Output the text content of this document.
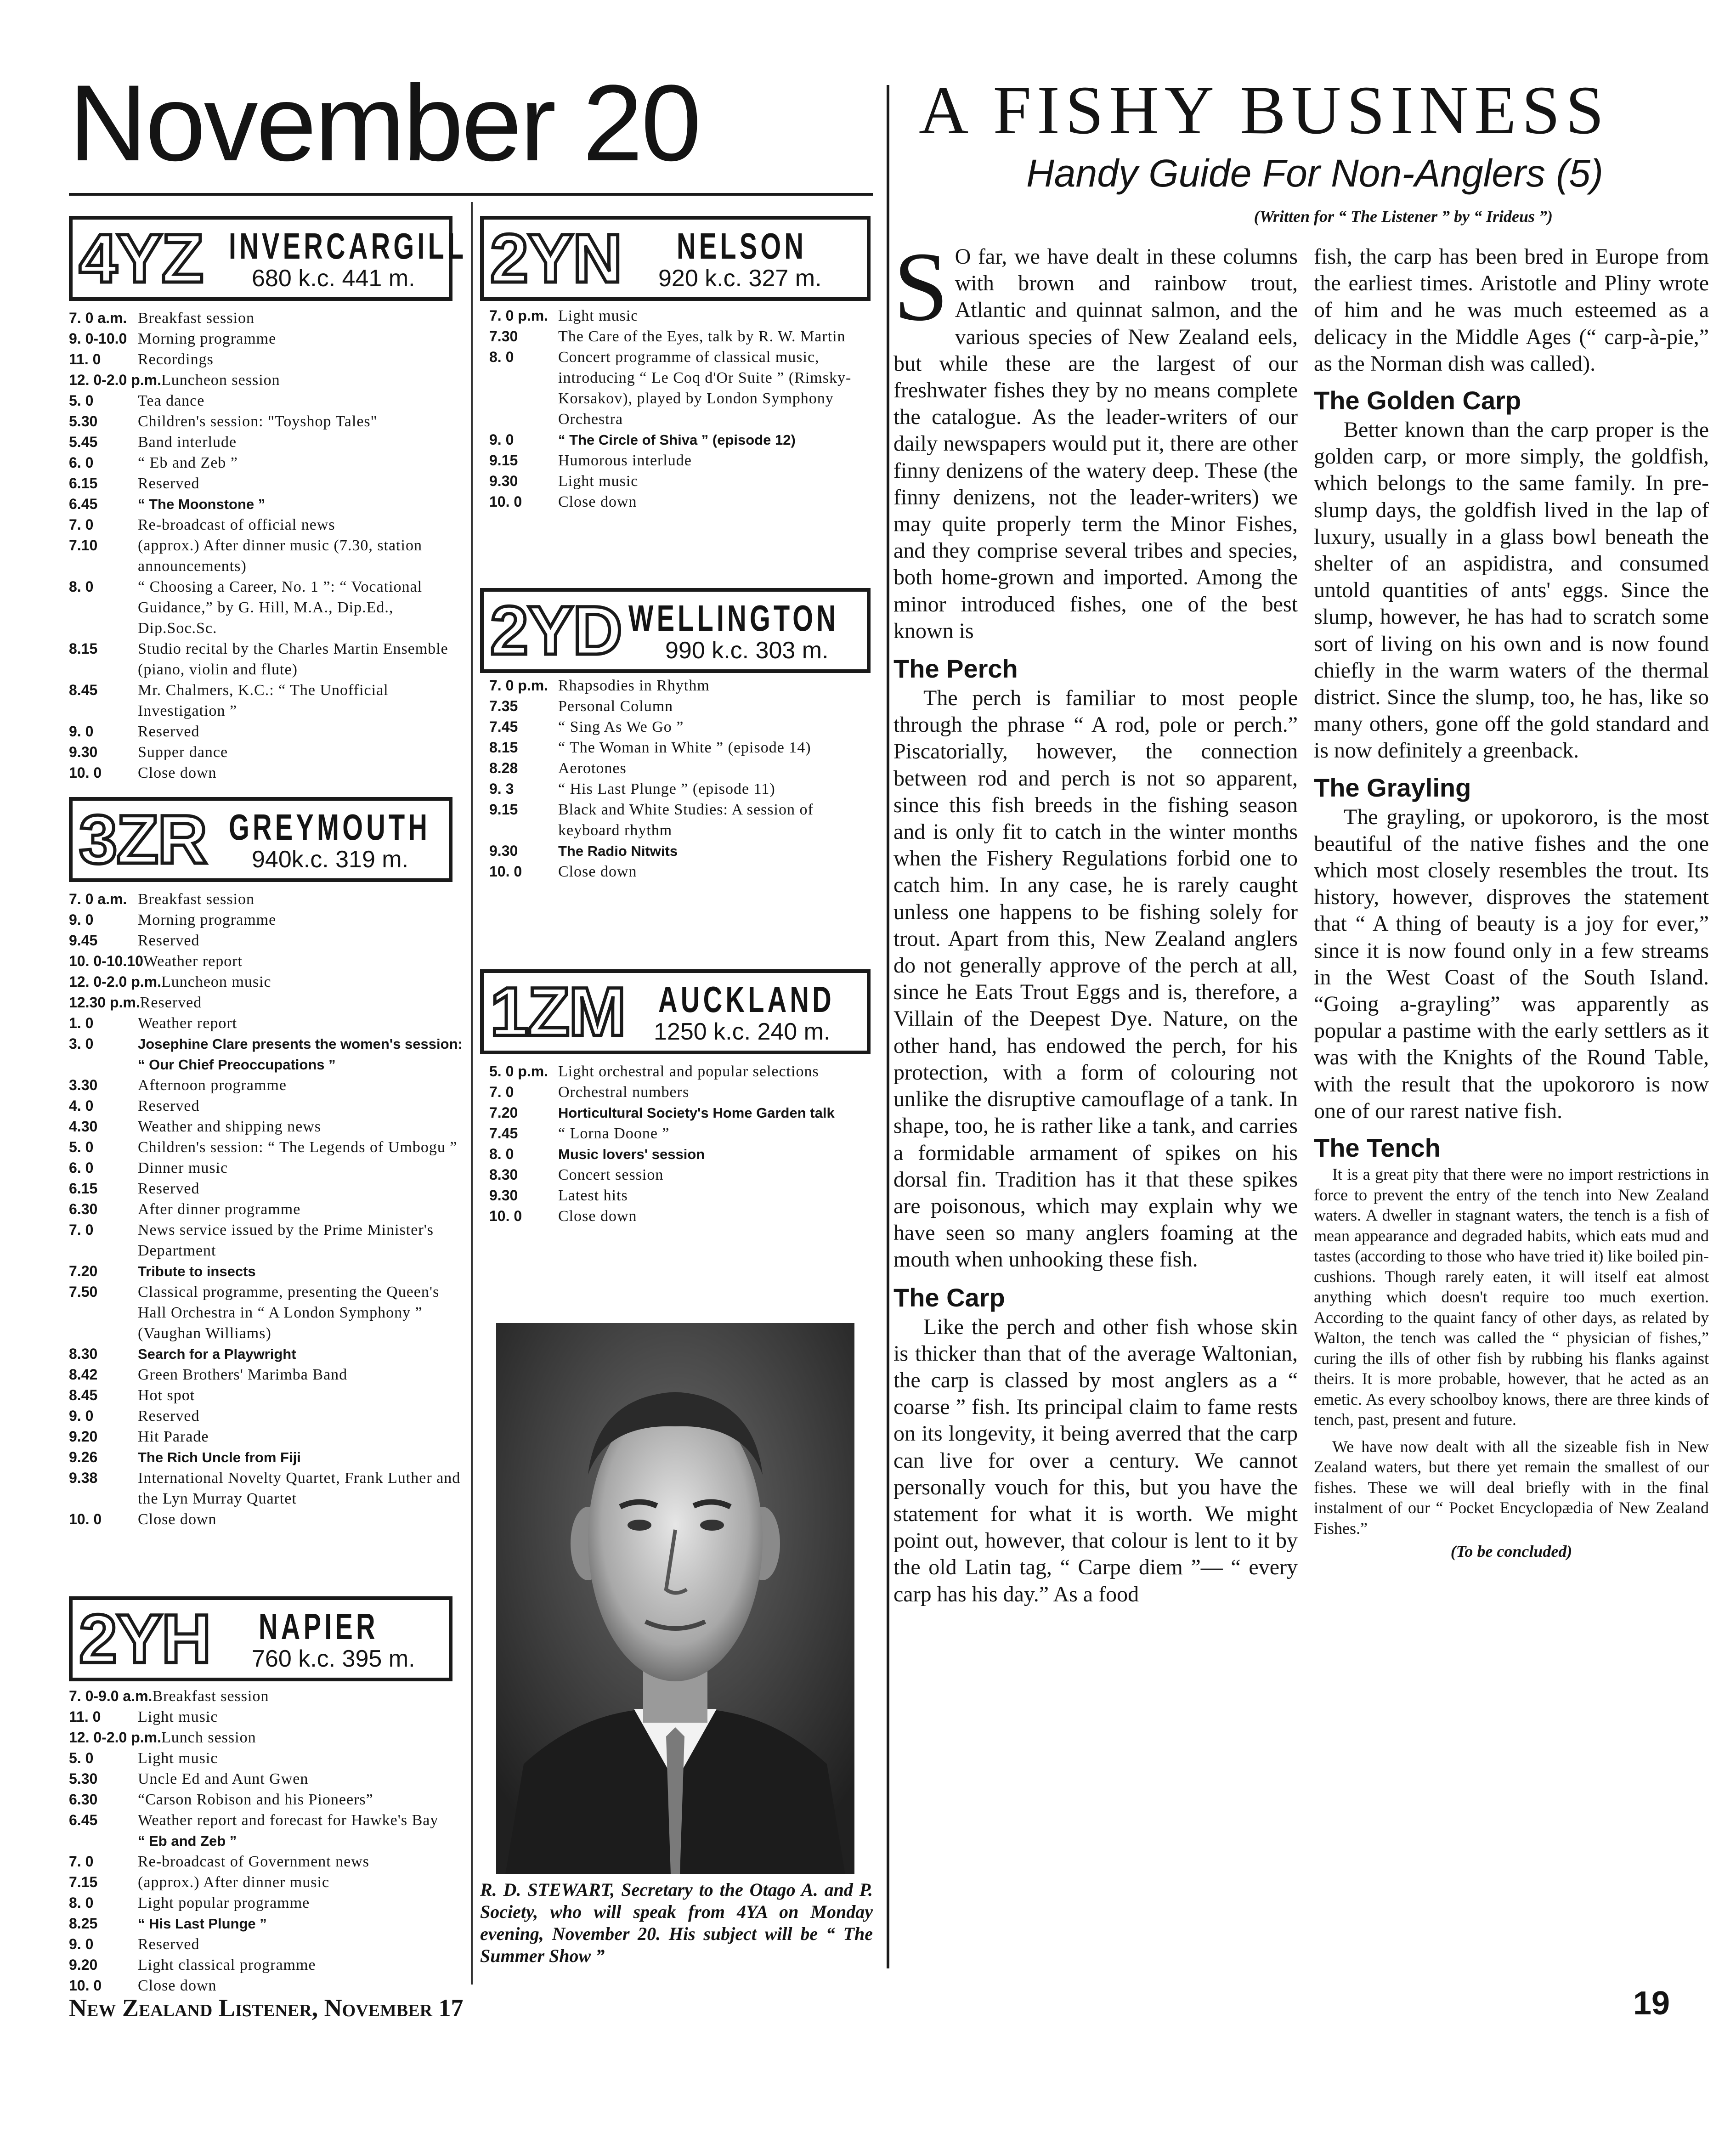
November 20
4YZ INVERCARGILL
680 k.c. 441 m.
7. 0 a.m. Breakfast session
9. 0-10.0 Morning programme
11. 0	Recordings
12. 0-2.0 p.m. Luncheon session
5. 0	Tea dance
5.30	Children's session: "Toyshop Tales"
5.45	Band interlude
6. 0	“ Eb and Zeb ”
6.15	Reserved
6.45	“ The Moonstone ”
7. 0	Re-broadcast of official news
7.10	(approx.) After dinner music (7.30, station announcements)
8. 0	“ Choosing a Career, No. 1 ”: “ Vocational Guidance,” by G. Hill, M.A., Dip.Ed., Dip.Soc.Sc.
8.15	Studio recital by the Charles Martin Ensemble (piano, violin and flute)
8.45	Mr. Chalmers, K.C.: “ The Unofficial Investigation ”
9. 0	Reserved
9.30	Supper dance
10. 0	Close down
3ZR GREYMOUTH
940k.c. 319 m.
7. 0 a.m. Breakfast session
9. 0	Morning programme
9.45	Reserved
10. 0-10.10 Weather report
12. 0-2.0 p.m. Luncheon music
12.30 p.m. Reserved
1. 0	Weather report
3. 0	Josephine Clare presents the women's session: “ Our Chief Preoccupations ”
3.30	Afternoon programme
4. 0	Reserved
4.30	Weather and shipping news
5. 0	Children's session: “ The Legends of Umbogu ”
6. 0	Dinner music
6.15	Reserved
6.30	After dinner programme
7. 0	News service issued by the Prime Minister's Department
7.20	Tribute to insects
7.50	Classical programme, presenting the Queen's Hall Orchestra in “ A London Symphony ” (Vaughan Williams)
8.30	Search for a Playwright
8.42	Green Brothers' Marimba Band
8.45	Hot spot
9. 0	Reserved
9.20	Hit Parade
9.26	The Rich Uncle from Fiji
9.38	International Novelty Quartet, Frank Luther and the Lyn Murray Quartet
10. 0	Close down
2YH NAPIER
760 k.c. 395 m.
7. 0-9.0 a.m. Breakfast session
11. 0	Light music
12. 0-2.0 p.m. Lunch session
5. 0	Light music
5.30	Uncle Ed and Aunt Gwen
6.30	“Carson Robison and his Pioneers”
6.45	Weather report and forecast for Hawke's Bay
“ Eb and Zeb ”
7. 0	Re-broadcast of Government news
7.15	(approx.) After dinner music
8. 0	Light popular programme
8.25	“ His Last Plunge ”
9. 0	Reserved
9.20	Light classical programme
10. 0	Close down
2YN NELSON
920 k.c. 327 m.
7. 0 p.m. Light music
7.30	The Care of the Eyes, talk by R. W. Martin
8. 0	Concert programme of classical music, introducing “ Le Coq d'Or Suite ” (Rimsky-Korsakov), played by London Symphony Orchestra
9. 0	“ The Circle of Shiva ” (episode 12)
9.15	Humorous interlude
9.30	Light music
10. 0	Close down
2YD WELLINGTON
990 k.c. 303 m.
7. 0 p.m. Rhapsodies in Rhythm
7.35	Personal Column
7.45	“ Sing As We Go ”
8.15	“ The Woman in White ” (episode 14)
8.28	Aerotones
9. 3	“ His Last Plunge ” (episode 11)
9.15	Black and White Studies: A session of keyboard rhythm
9.30	The Radio Nitwits
10. 0	Close down
1ZM AUCKLAND
1250 k.c. 240 m.
5. 0 p.m. Light orchestral and popular selections
7. 0	Orchestral numbers
7.20	Horticultural Society's Home Garden talk
7.45	“ Lorna Doone ”
8. 0	Music lovers' session
8.30	Concert session
9.30	Latest hits
10. 0	Close down
R. D. STEWART, Secretary to the Otago A. and P. Society, who will speak from 4YA on Monday evening, November 20. His subject will be “ The Summer Show ”
A FISHY BUSINESS
Handy Guide For Non-Anglers (5)
(Written for “ The Listener ” by “ Irideus ”)

S O far, we have dealt in these columns with brown and rainbow trout, Atlantic and quinnat salmon, and the various species of New Zealand eels, but while these are the largest of our freshwater fishes they by no means complete the catalogue. As the leader-writers of our daily newspapers would put it, there are other finny denizens of the watery deep. These (the finny denizens, not the leader-writers) we may quite properly term the Minor Fishes, and they comprise several tribes and species, both home-grown and imported. Among the minor introduced fishes, one of the best known is

The Perch

The perch is familiar to most people through the phrase “ A rod, pole or perch.” Piscatorially, however, the connection between rod and perch is not so apparent, since this fish breeds in the fishing season and is only fit to catch in the winter months when the Fishery Regulations forbid one to catch him. In any case, he is rarely caught unless one happens to be fishing solely for trout. Apart from this, New Zealand anglers do not generally approve of the perch at all, since he Eats Trout Eggs and is, therefore, a Villain of the Deepest Dye. Nature, on the other hand, has endowed the perch, for his protection, with a form of colouring not unlike the disruptive camouflage of a tank. In shape, too, he is rather like a tank, and carries a formidable armament of spikes on his dorsal fin. Tradition has it that these spikes are poisonous, which may explain why we have seen so many anglers foaming at the mouth when unhooking these fish.

The Carp

Like the perch and other fish whose skin is thicker than that of the average Waltonian, the carp is classed by most anglers as a “ coarse ” fish. Its principal claim to fame rests on its longevity, it being averred that the carp can live for over a century. We cannot personally vouch for this, but you have the statement for what it is worth. We might point out, however, that colour is lent to it by the old Latin tag, “ Carpe diem ”— “ every carp has his day.” As a food

fish, the carp has been bred in Europe from the earliest times. Aristotle and Pliny wrote of him and he was much esteemed as a delicacy in the Middle Ages (“ carp-à-pie,” as the Norman dish was called).

The Golden Carp

Better known than the carp proper is the golden carp, or more simply, the goldfish, which belongs to the same family. In pre-slump days, the goldfish lived in the lap of luxury, usually in a glass bowl beneath the shelter of an aspidistra, and consumed untold quantities of ants' eggs. Since the slump, however, he has had to scratch some sort of living on his own and is now found chiefly in the warm waters of the thermal district. Since the slump, too, he has, like so many others, gone off the gold standard and is now definitely a greenback.

The Grayling

The grayling, or upokororo, is the most beautiful of the native fishes and the one which most closely resembles the trout. Its history, however, disproves the statement that “ A thing of beauty is a joy for ever,” since it is now found only in a few streams in the West Coast of the South Island. “Going a-grayling” was apparently as popular a pastime with the early settlers as it was with the Knights of the Round Table, with the result that the upokororo is now one of our rarest native fish.

The Tench

It is a great pity that there were no import restrictions in force to prevent the entry of the tench into New Zealand waters. A dweller in stagnant waters, the tench is a fish of mean appearance and degraded habits, which eats mud and tastes (according to those who have tried it) like boiled pin-cushions. Though rarely eaten, it will itself eat almost anything which doesn't require too much exertion. According to the quaint fancy of other days, as related by Walton, the tench was called the “ physician of fishes,” curing the ills of other fish by rubbing his flanks against theirs. It is more probable, however, that he acted as an emetic. As every schoolboy knows, there are three kinds of tench, past, present and future.

We have now dealt with all the sizeable fish in New Zealand waters, but there yet remain the smallest of our fishes. These we will deal briefly with in the final instalment of our “ Pocket Encyclopædia of New Zealand Fishes.”

(To be concluded)

New Zealand Listener, November 17	19
